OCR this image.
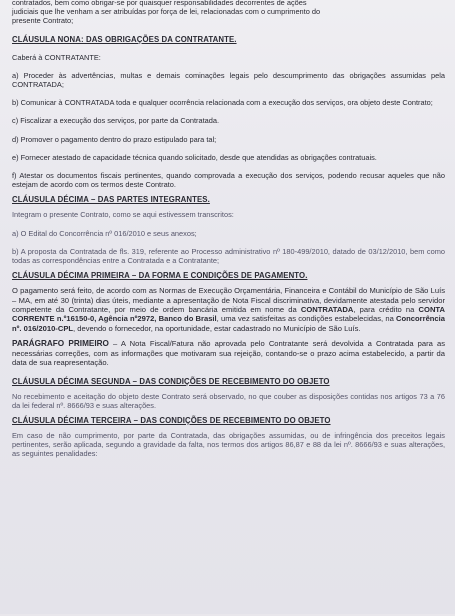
contratados, bem como obrigar-se por quaisquer responsabilidades decorrentes de ações

judiciais que lhe venham a ser atribuídas por força de lei, relacionadas com o cumprimento do

presente Contrato;

CLÁUSULA NONA: DAS OBRIGAÇÕES DA CONTRATANTE.

Caberá à CONTRATANTE:

a) Proceder às advertências, multas e demais cominações legais pelo descumprimento das obrigações assumidas pela CONTRATADA;

b) Comunicar à CONTRATADA toda e qualquer ocorrência relacionada com a execução dos serviços, ora objeto deste Contrato;

c) Fiscalizar a execução dos serviços, por parte da Contratada.

d) Promover o pagamento dentro do prazo estipulado para tal;

e) Fornecer atestado de capacidade técnica quando solicitado, desde que atendidas as obrigações contratuais.

f) Atestar os documentos fiscais pertinentes, quando comprovada a execução dos serviços, podendo recusar aqueles que não estejam de acordo com os termos deste Contrato.

CLÁUSULA DÉCIMA – DAS PARTES INTEGRANTES.

Integram o presente Contrato, como se aqui estivessem transcritos:

a) O Edital do Concorrência nº 016/2010 e seus anexos;

b) A proposta da Contratada de fls. 319, referente ao Processo administrativo nº 180-499/2010, datado de 03/12/2010, bem como todas as correspondências entre a Contratada e a Contratante;

CLÁUSULA DÉCIMA PRIMEIRA – DA FORMA E CONDIÇÕES DE PAGAMENTO.

O pagamento será feito, de acordo com as Normas de Execução Orçamentária, Financeira e Contábil do Município de São Luís – MA, em até 30 (trinta) dias úteis, mediante a apresentação de Nota Fiscal discriminativa, devidamente atestada pelo servidor competente da Contratante, por meio de ordem bancária emitida em nome da CONTRATADA, para crédito na CONTA CORRENTE n.º16150-0, Agência nº2972, Banco do Brasil, uma vez satisfeitas as condições estabelecidas, na Concorrência nº. 016/2010-CPL, devendo o fornecedor, na oportunidade, estar cadastrado no Município de São Luís.

PARÁGRAFO PRIMEIRO – A Nota Fiscal/Fatura não aprovada pelo Contratante será devolvida a Contratada para as necessárias correções, com as informações que motivaram sua rejeição, contando-se o prazo acima estabelecido, a partir da data de sua reapresentação.

CLÁUSULA DÉCIMA SEGUNDA – DAS CONDIÇÕES DE RECEBIMENTO DO OBJETO

No recebimento e aceitação do objeto deste Contrato será observado, no que couber as disposições contidas nos artigos 73 a 76 da lei federal nº. 8666/93 e suas alterações.

CLÁUSULA DÉCIMA TERCEIRA – DAS CONDIÇÕES DE RECEBIMENTO DO OBJETO

Em caso de não cumprimento, por parte da Contratada, das obrigações assumidas, ou de infringência dos preceitos legais pertinentes, serão aplicada, segundo a gravidade da falta, nos termos dos artigos 86,87 e 88 da lei nº. 8666/93 e suas alterações, as seguintes penalidades:
